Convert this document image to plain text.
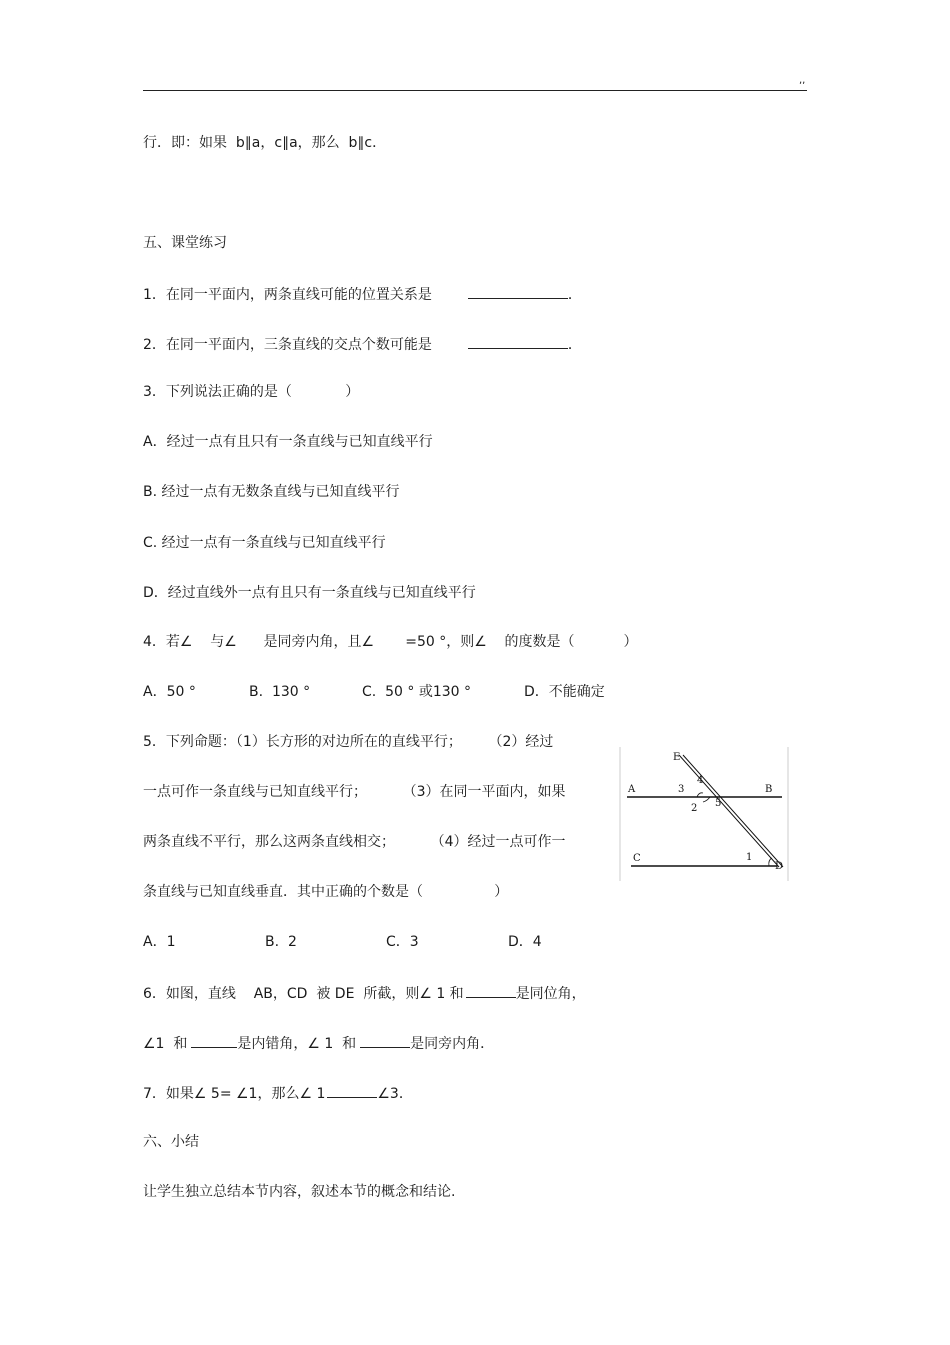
,,
行．即：如果  b∥a，c∥a，那么  b∥c．
五、课堂练习
1．在同一平面内，两条直线可能的位置关系是	．
2．在同一平面内，三条直线的交点个数可能是	．
3．下列说法正确的是（            ）
A．经过一点有且只有一条直线与已知直线平行
B. 经过一点有无数条直线与已知直线平行
C. 经过一点有一条直线与已知直线平行
D．经过直线外一点有且只有一条直线与已知直线平行
4．若∠    与∠      是同旁内角，且∠       =50 °，则∠    的度数是（           ）
A．50 °	B.  130 °	C.  50 ° 或130 °	D．不能确定
5．下列命题：（1）长方形的对边所在的直线平行；      （2）经过
一点可作一条直线与已知直线平行；        （3）在同一平面内，如果
两条直线不平行，那么这两条直线相交；        （4）经过一点可作一
条直线与已知直线垂直．其中正确的个数是（                ）
A．1	B.  2	C．3	D．4
6．如图，直线    AB，CD  被 DE  所截，则∠ 1 和	是同位角，
∠1  和	是内错角，∠ 1  和	是同旁内角．
7．如果∠ 5= ∠1，那么∠ 1	∠3．
六、小结
让学生独立总结本节内容，叙述本节的概念和结论.
E
4
3
A	B
5
2
C	1
D
